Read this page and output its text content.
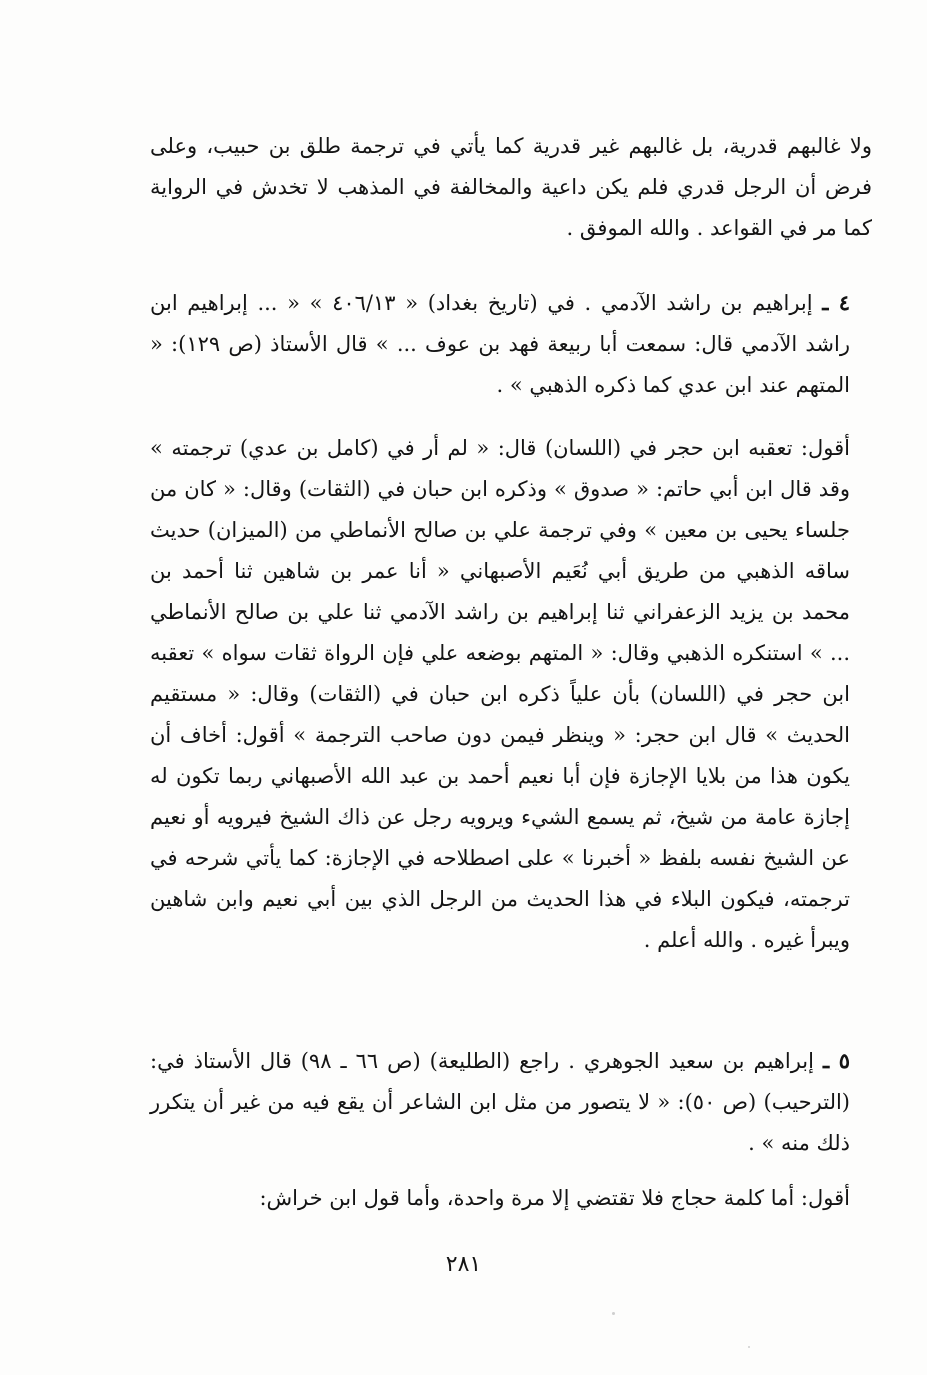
ولا غالبهم قدرية، بل غالبهم غير قدرية كما يأتي في ترجمة طلق بن حبيب، وعلى فرض أن الرجل قدري فلم يكن داعية والمخالفة في المذهب لا تخدش في الرواية كما مر في القواعد . والله الموفق .

٤ ـ إبراهيم بن راشد الآدمي . في (تاريخ بغداد) « ٤٠٦/١٣ » « ... إبراهيم ابن راشد الآدمي قال: سمعت أبا ربيعة فهد بن عوف ... » قال الأستاذ (ص ١٢٩): « المتهم عند ابن عدي كما ذكره الذهبي » .

أقول: تعقبه ابن حجر في (اللسان) قال: « لم أر في (كامل بن عدي) ترجمته » وقد قال ابن أبي حاتم: « صدوق » وذكره ابن حبان في (الثقات) وقال: « كان من جلساء يحيى بن معين » وفي ترجمة علي بن صالح الأنماطي من (الميزان) حديث ساقه الذهبي من طريق أبي نُعَيم الأصبهاني « أنا عمر بن شاهين ثنا أحمد بن محمد بن يزيد الزعفراني ثنا إبراهيم بن راشد الآدمي ثنا علي بن صالح الأنماطي ... » استنكره الذهبي وقال: « المتهم بوضعه علي فإن الرواة ثقات سواه » تعقبه ابن حجر في (اللسان) بأن علياً ذكره ابن حبان في (الثقات) وقال: « مستقيم الحديث » قال ابن حجر: « وينظر فيمن دون صاحب الترجمة » أقول: أخاف أن يكون هذا من بلايا الإجازة فإن أبا نعيم أحمد بن عبد الله الأصبهاني ربما تكون له إجازة عامة من شيخ، ثم يسمع الشيء ويرويه رجل عن ذاك الشيخ فيرويه أو نعيم عن الشيخ نفسه بلفظ « أخبرنا » على اصطلاحه في الإجازة: كما يأتي شرحه في ترجمته، فيكون البلاء في هذا الحديث من الرجل الذي بين أبي نعيم وابن شاهين ويبرأ غيره . والله أعلم .

٥ ـ إبراهيم بن سعيد الجوهري . راجع (الطليعة) (ص ٦٦ ـ ٩٨) قال الأستاذ في: (الترحيب) (ص ٥٠): « لا يتصور من مثل ابن الشاعر أن يقع فيه من غير أن يتكرر ذلك منه » .

أقول: أما كلمة حجاج فلا تقتضي إلا مرة واحدة، وأما قول ابن خراش:

٢٨١
